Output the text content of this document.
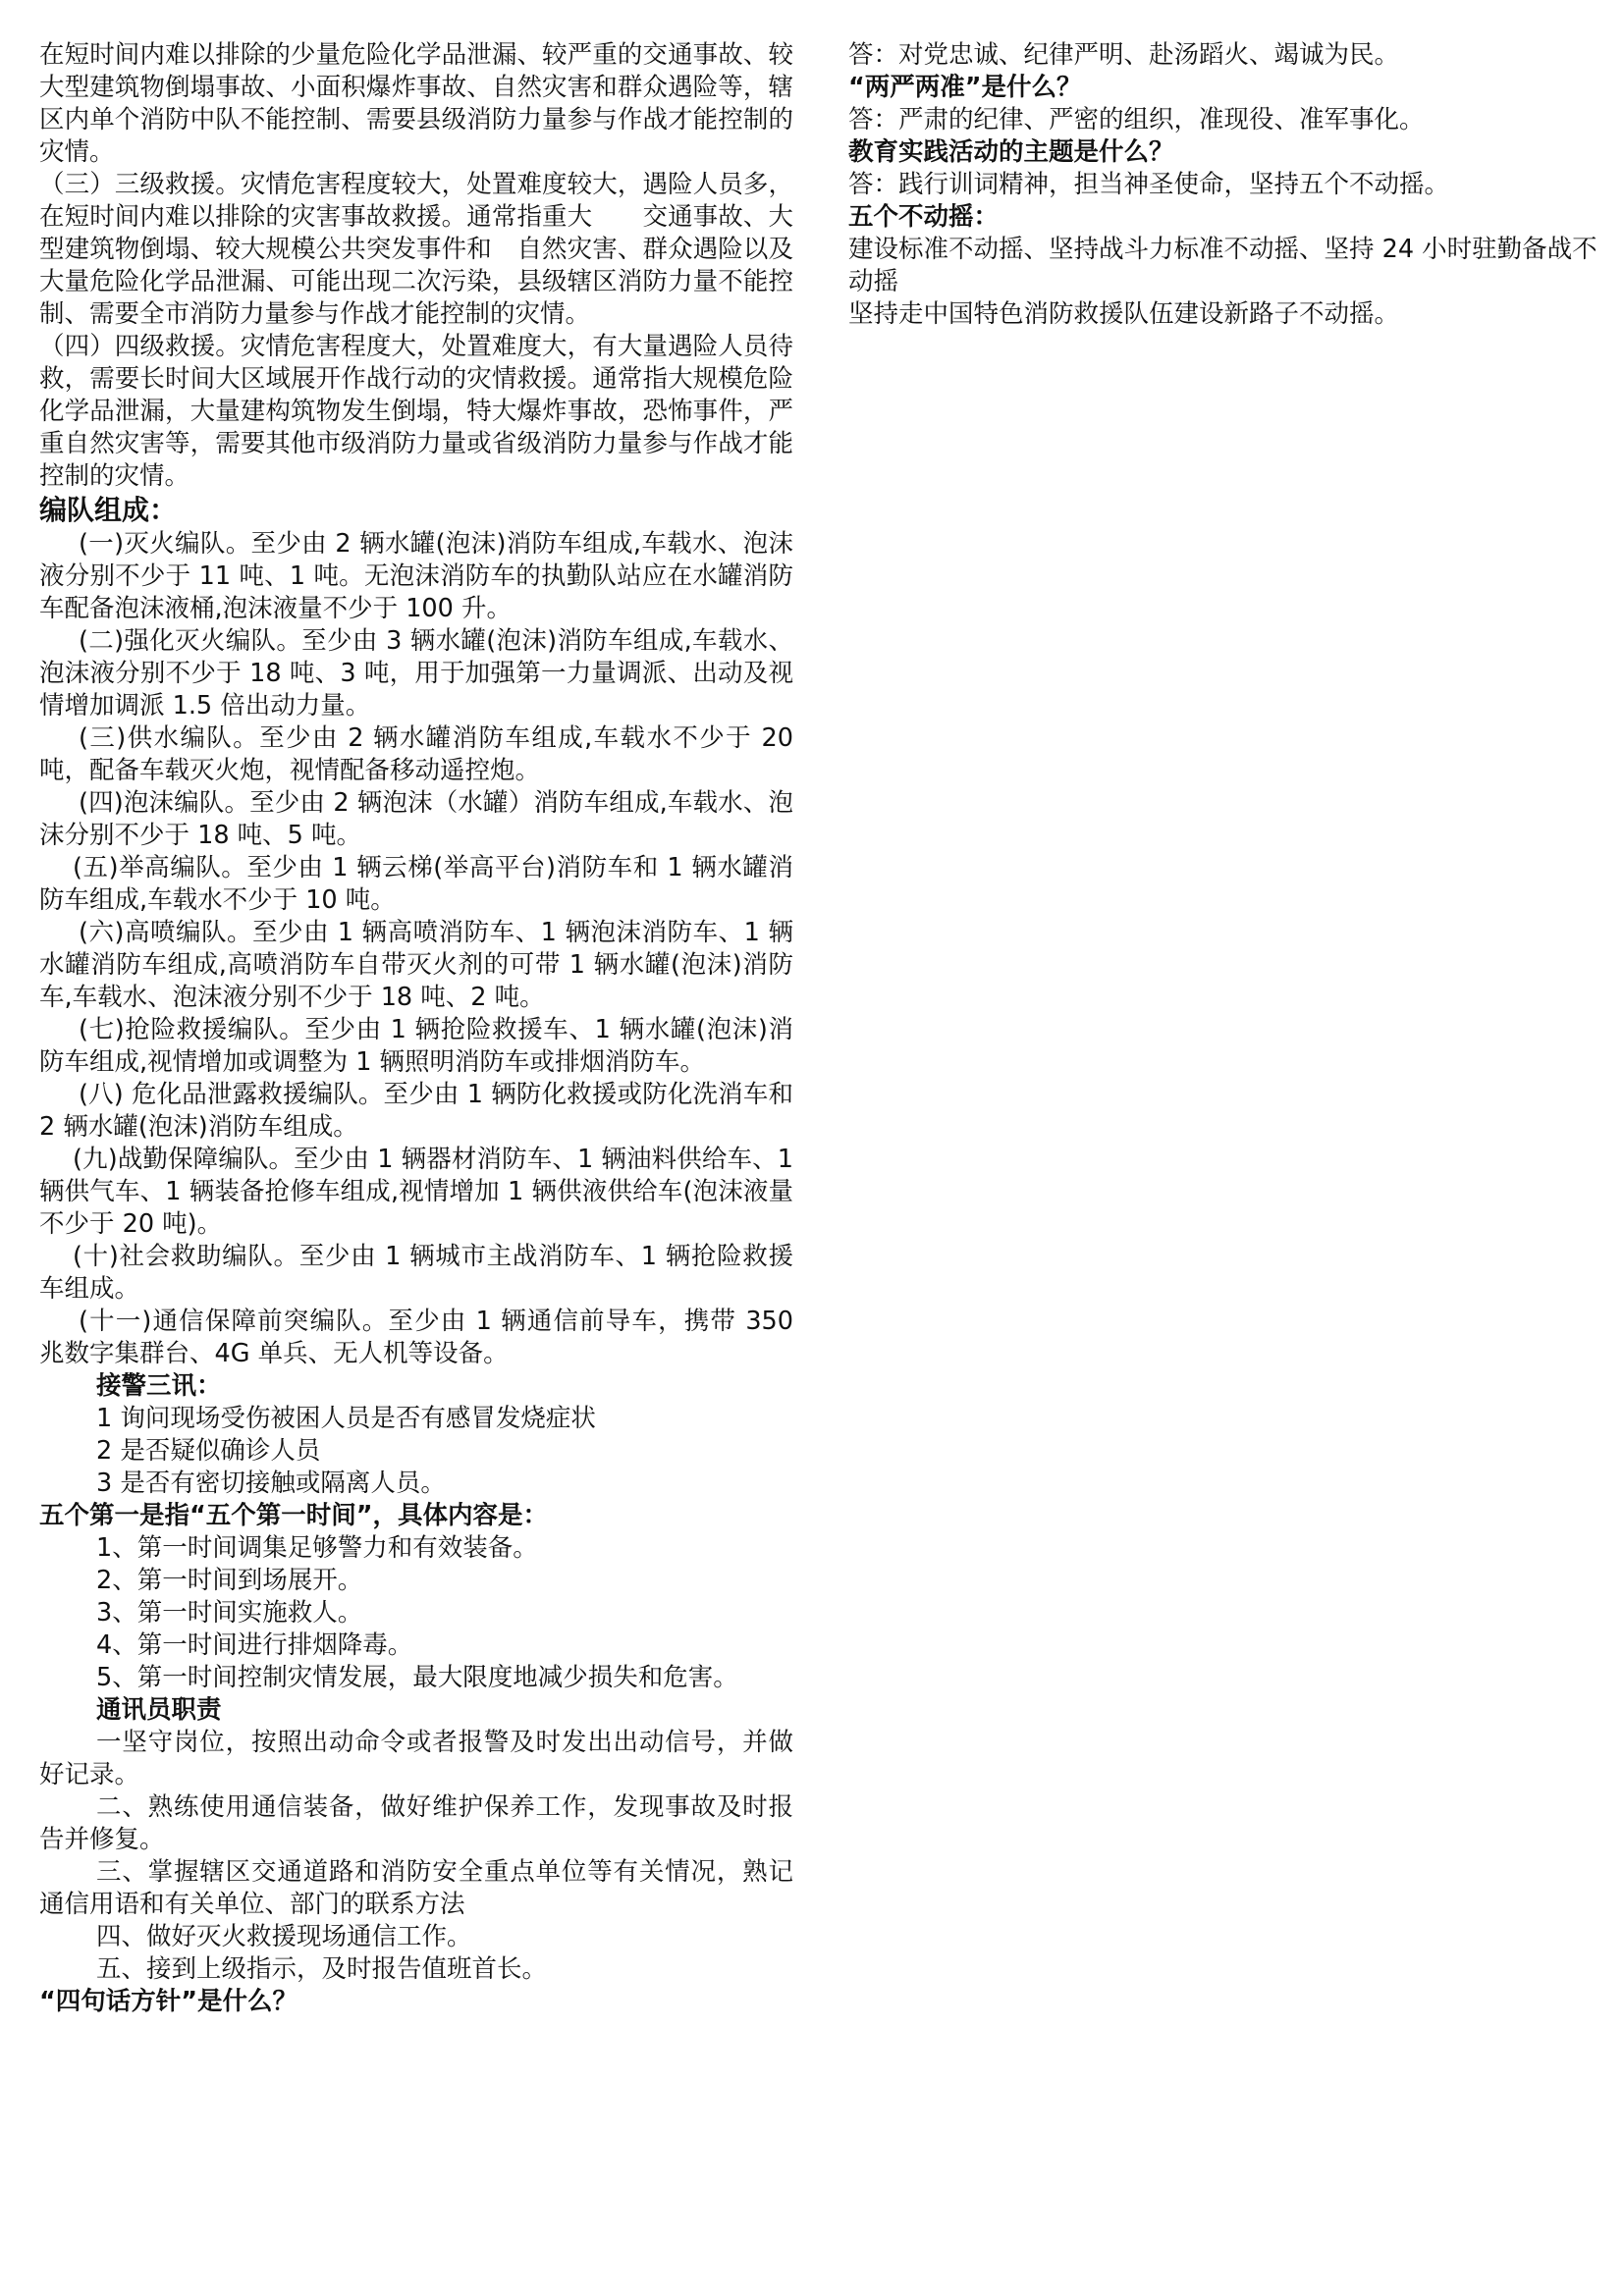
在短时间内难以排除的少量危险化学品泄漏、较严重的交通事故、较大型建筑物倒塌事故、小面积爆炸事故、自然灾害和群众遇险等，辖区内单个消防中队不能控制、需要县级消防力量参与作战才能控制的灾情。

（三）三级救援。灾情危害程度较大，处置难度较大，遇险人员多，在短时间内难以排除的灾害事故救援。通常指重大　　交通事故、大型建筑物倒塌、较大规模公共突发事件和　自然灾害、群众遇险以及大量危险化学品泄漏、可能出现二次污染，县级辖区消防力量不能控制、需要全市消防力量参与作战才能控制的灾情。

（四）四级救援。灾情危害程度大，处置难度大，有大量遇险人员待救，需要长时间大区域展开作战行动的灾情救援。通常指大规模危险化学品泄漏，大量建构筑物发生倒塌，特大爆炸事故，恐怖事件，严重自然灾害等，需要其他市级消防力量或省级消防力量参与作战才能控制的灾情。

编队组成：

(一)灭火编队。至少由 2 辆水罐(泡沫)消防车组成,车载水、泡沫液分别不少于 11 吨、1 吨。无泡沫消防车的执勤队站应在水罐消防车配备泡沫液桶,泡沫液量不少于 100 升。

(二)强化灭火编队。至少由 3 辆水罐(泡沫)消防车组成,车载水、泡沫液分别不少于 18 吨、3 吨，用于加强第一力量调派、出动及视情增加调派 1.5 倍出动力量。

(三)供水编队。至少由 2 辆水罐消防车组成,车载水不少于 20 吨，配备车载灭火炮，视情配备移动遥控炮。

(四)泡沫编队。至少由 2 辆泡沫（水罐）消防车组成,车载水、泡沫分别不少于 18 吨、5 吨。

(五)举高编队。至少由 1 辆云梯(举高平台)消防车和 1 辆水罐消防车组成,车载水不少于 10 吨。

(六)高喷编队。至少由 1 辆高喷消防车、1 辆泡沫消防车、1 辆水罐消防车组成,高喷消防车自带灭火剂的可带 1 辆水罐(泡沫)消防车,车载水、泡沫液分别不少于 18 吨、2 吨。

(七)抢险救援编队。至少由 1 辆抢险救援车、1 辆水罐(泡沫)消防车组成,视情增加或调整为 1 辆照明消防车或排烟消防车。

(八) 危化品泄露救援编队。至少由 1 辆防化救援或防化洗消车和 2 辆水罐(泡沫)消防车组成。

(九)战勤保障编队。至少由 1 辆器材消防车、1 辆油料供给车、1 辆供气车、1 辆装备抢修车组成,视情增加 1 辆供液供给车(泡沫液量不少于 20 吨)。

(十)社会救助编队。至少由 1 辆城市主战消防车、1 辆抢险救援车组成。

(十一)通信保障前突编队。至少由 1 辆通信前导车，携带 350 兆数字集群台、4G 单兵、无人机等设备。

接警三讯：

1 询问现场受伤被困人员是否有感冒发烧症状

2 是否疑似确诊人员

3 是否有密切接触或隔离人员。

五个第一是指“五个第一时间”，具体内容是：

1、第一时间调集足够警力和有效装备。

2、第一时间到场展开。

3、第一时间实施救人。

4、第一时间进行排烟降毒。

5、第一时间控制灾情发展，最大限度地减少损失和危害。

通讯员职责

一坚守岗位，按照出动命令或者报警及时发出出动信号，并做好记录。

二、熟练使用通信装备，做好维护保养工作，发现事故及时报告并修复。

三、掌握辖区交通道路和消防安全重点单位等有关情况，熟记通信用语和有关单位、部门的联系方法

四、做好灭火救援现场通信工作。

五、接到上级指示，及时报告值班首长。

“四句话方针”是什么？

答：对党忠诚、纪律严明、赴汤蹈火、竭诚为民。

“两严两准”是什么？

答：严肃的纪律、严密的组织，准现役、准军事化。

教育实践活动的主题是什么？

答：践行训词精神，担当神圣使命，坚持五个不动摇。

五个不动摇：

建设标准不动摇、坚持战斗力标准不动摇、坚持 24 小时驻勤备战不动摇

坚持走中国特色消防救援队伍建设新路子不动摇。
